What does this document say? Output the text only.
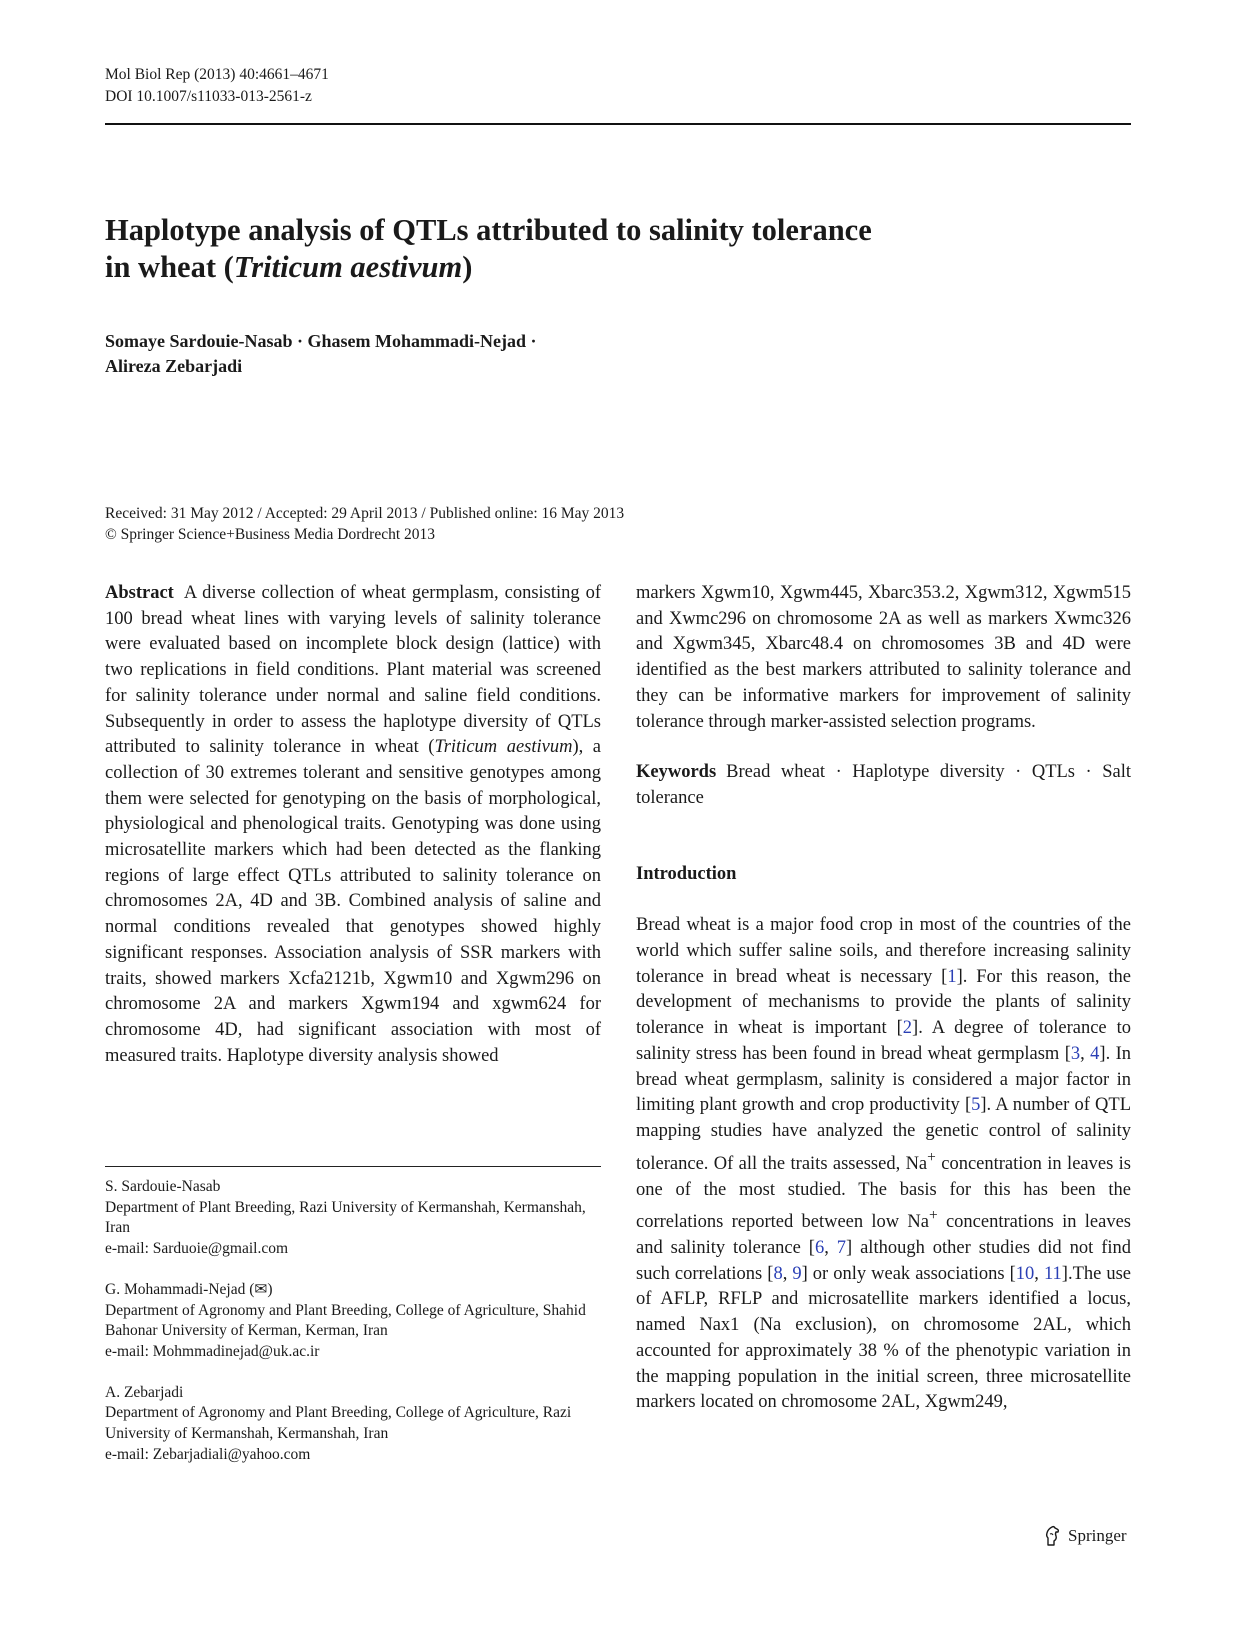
Mol Biol Rep (2013) 40:4661–4671
DOI 10.1007/s11033-013-2561-z
Haplotype analysis of QTLs attributed to salinity tolerance
in wheat (Triticum aestivum)
Somaye Sardouie-Nasab · Ghasem Mohammadi-Nejad ·
Alireza Zebarjadi
Received: 31 May 2012 / Accepted: 29 April 2013 / Published online: 16 May 2013
© Springer Science+Business Media Dordrecht 2013

Abstract A diverse collection of wheat germplasm, consisting of 100 bread wheat lines with varying levels of salinity tolerance were evaluated based on incomplete block design (lattice) with two replications in field conditions. Plant material was screened for salinity tolerance under normal and saline field conditions. Subsequently in order to assess the haplotype diversity of QTLs attributed to salinity tolerance in wheat (Triticum aestivum), a collection of 30 extremes tolerant and sensitive genotypes among them were selected for genotyping on the basis of morphological, physiological and phenological traits. Genotyping was done using microsatellite markers which had been detected as the flanking regions of large effect QTLs attributed to salinity tolerance on chromosomes 2A, 4D and 3B. Combined analysis of saline and normal conditions revealed that genotypes showed highly significant responses. Association analysis of SSR markers with traits, showed markers Xcfa2121b, Xgwm10 and Xgwm296 on chromosome 2A and markers Xgwm194 and xgwm624 for chromosome 4D, had significant association with most of measured traits. Haplotype diversity analysis showed

markers Xgwm10, Xgwm445, Xbarc353.2, Xgwm312, Xgwm515 and Xwmc296 on chromosome 2A as well as markers Xwmc326 and Xgwm345, Xbarc48.4 on chromosomes 3B and 4D were identified as the best markers attributed to salinity tolerance and they can be informative markers for improvement of salinity tolerance through marker-assisted selection programs.

Keywords Bread wheat · Haplotype diversity · QTLs · Salt tolerance

Introduction

Bread wheat is a major food crop in most of the countries of the world which suffer saline soils, and therefore increasing salinity tolerance in bread wheat is necessary [1]. For this reason, the development of mechanisms to provide the plants of salinity tolerance in wheat is important [2]. A degree of tolerance to salinity stress has been found in bread wheat germplasm [3, 4]. In bread wheat germplasm, salinity is considered a major factor in limiting plant growth and crop productivity [5]. A number of QTL mapping studies have analyzed the genetic control of salinity tolerance. Of all the traits assessed, Na+ concentration in leaves is one of the most studied. The basis for this has been the correlations reported between low Na+ concentrations in leaves and salinity tolerance [6, 7] although other studies did not find such correlations [8, 9] or only weak associations [10, 11].The use of AFLP, RFLP and microsatellite markers identified a locus, named Nax1 (Na exclusion), on chromosome 2AL, which accounted for approximately 38 % of the phenotypic variation in the mapping population in the initial screen, three microsatellite markers located on chromosome 2AL, Xgwm249,

S. Sardouie-Nasab
Department of Plant Breeding, Razi University of Kermanshah, Kermanshah, Iran
e-mail: Sarduoie@gmail.com
G. Mohammadi-Nejad (✉)
Department of Agronomy and Plant Breeding, College of Agriculture, Shahid Bahonar University of Kerman, Kerman, Iran
e-mail: Mohmmadinejad@uk.ac.ir
A. Zebarjadi
Department of Agronomy and Plant Breeding, College of Agriculture, Razi University of Kermanshah, Kermanshah, Iran
e-mail: Zebarjadiali@yahoo.com
Springer
